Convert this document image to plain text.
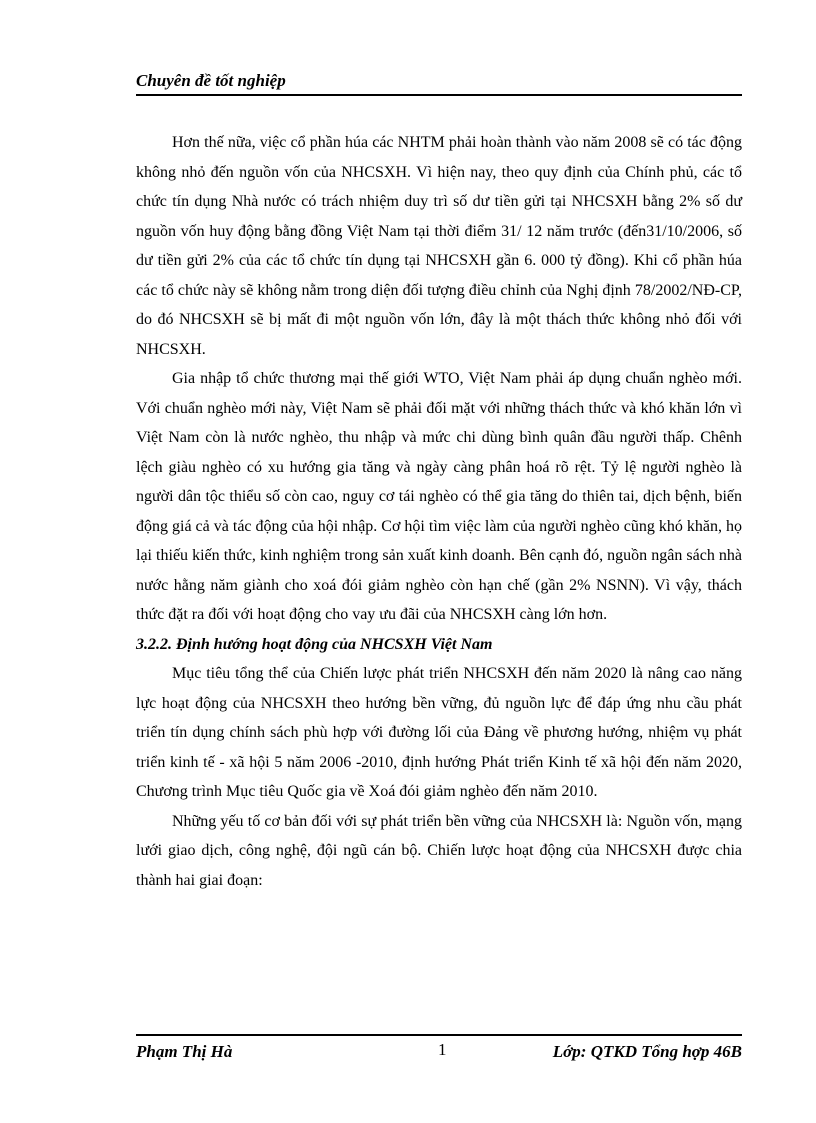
Chuyên đề tốt nghiệp

Hơn thế nữa, việc cổ phần húa các NHTM phải hoàn thành vào năm 2008 sẽ có tác động không nhỏ đến nguồn vốn của NHCSXH. Vì hiện nay, theo quy định của Chính phủ, các tổ chức tín dụng Nhà nước có trách nhiệm duy trì số dư tiền gửi tại NHCSXH bằng 2% số dư nguồn vốn huy động bằng đồng Việt Nam tại thời điểm 31/ 12 năm trước (đến31/10/2006, số dư tiền gửi 2% của các tổ chức tín dụng tại NHCSXH gần 6. 000 tỷ đồng). Khi cổ phần húa các tổ chức này sẽ không nằm trong diện đối tượng điều chỉnh của Nghị định 78/2002/NĐ-CP, do đó NHCSXH sẽ bị mất đi một nguồn vốn lớn, đây là một thách thức không nhỏ đối với NHCSXH.

Gia nhập tổ chức thương mại thế giới WTO, Việt Nam phải áp dụng chuẩn nghèo mới. Với chuẩn nghèo mới này, Việt Nam sẽ phải đối mặt với những thách thức và khó khăn lớn vì Việt Nam còn là nước nghèo, thu nhập và mức chi dùng bình quân đầu người thấp. Chênh lệch giàu nghèo có xu hướng gia tăng và ngày càng phân hoá rõ rệt. Tỷ lệ người nghèo là người dân tộc thiểu số còn cao, nguy cơ tái nghèo có thể gia tăng do thiên tai, dịch bệnh, biến động giá cả và tác động của hội nhập. Cơ hội tìm việc làm của người nghèo cũng khó khăn, họ lại thiếu kiến thức, kinh nghiệm trong sản xuất kinh doanh. Bên cạnh đó, nguồn ngân sách nhà nước hằng năm giành cho xoá đói giảm nghèo còn hạn chế (gần 2% NSNN). Vì vậy, thách thức đặt ra đối với hoạt động cho vay ưu đãi của NHCSXH càng lớn hơn.

3.2.2. Định hướng hoạt động của NHCSXH Việt Nam

Mục tiêu tổng thể của Chiến lược phát triển NHCSXH đến năm 2020 là nâng cao năng lực hoạt động của NHCSXH theo hướng bền vững, đủ nguồn lực để đáp ứng nhu cầu phát triển tín dụng chính sách phù hợp với đường lối của Đảng về phương hướng, nhiệm vụ phát triển kinh tế - xã hội 5 năm 2006 -2010, định hướng Phát triển Kinh tế xã hội đến năm 2020, Chương trình Mục tiêu Quốc gia về Xoá đói giảm nghèo đến năm 2010.

Những yếu tố cơ bản đối với sự phát triển bền vững của NHCSXH là: Nguồn vốn, mạng lưới giao dịch, công nghệ, đội ngũ cán bộ. Chiến lược hoạt động của NHCSXH được chia thành hai giai đoạn:

Phạm Thị Hà	1	Lớp: QTKD Tổng hợp 46B
